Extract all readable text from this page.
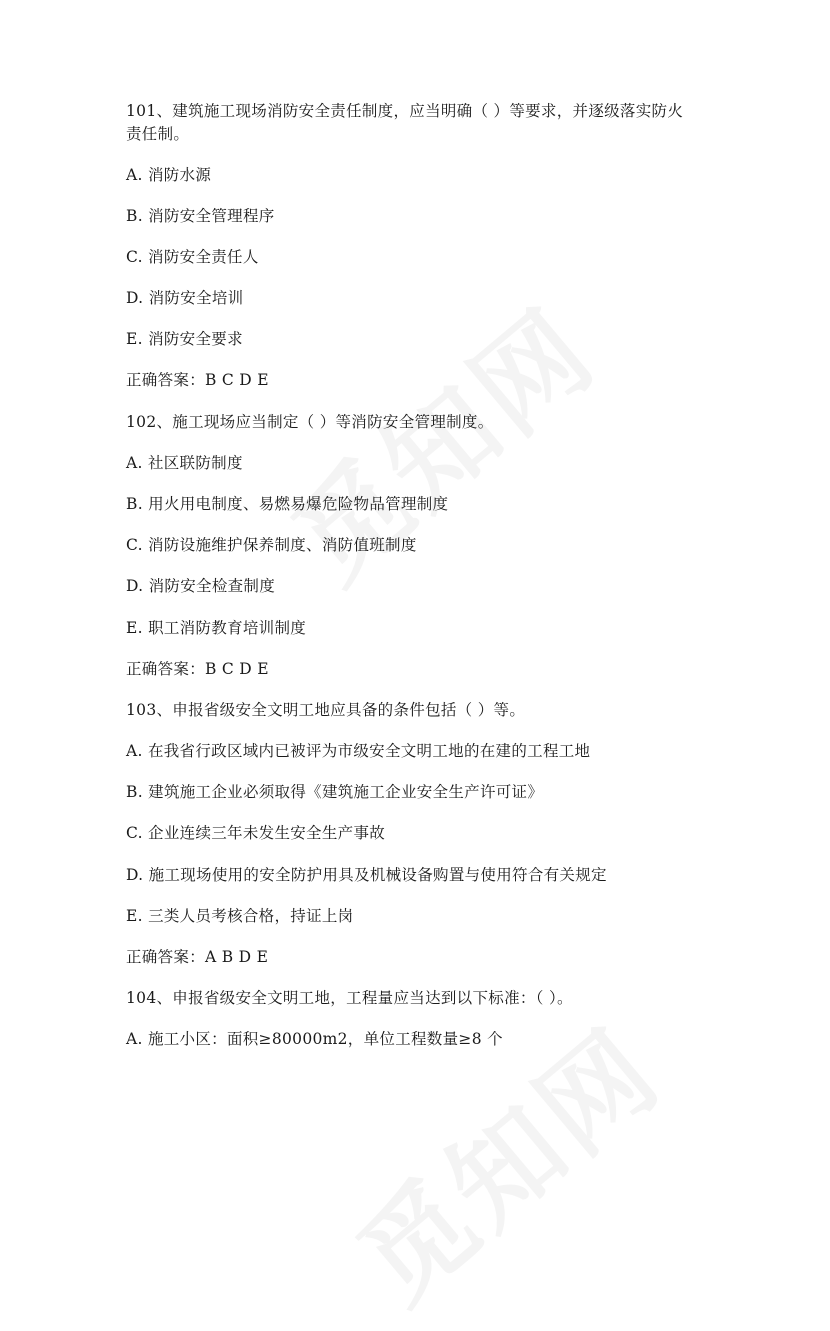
101、建筑施工现场消防安全责任制度，应当明确（ ）等要求，并逐级落实防火
责任制。
A. 消防水源
B. 消防安全管理程序
C. 消防安全责任人
D. 消防安全培训
E. 消防安全要求
正确答案：B C D E
102、施工现场应当制定（ ）等消防安全管理制度。
A. 社区联防制度
B. 用火用电制度、易燃易爆危险物品管理制度
C. 消防设施维护保养制度、消防值班制度
D. 消防安全检查制度
E. 职工消防教育培训制度
正确答案：B C D E
103、申报省级安全文明工地应具备的条件包括（ ）等。
A. 在我省行政区域内已被评为市级安全文明工地的在建的工程工地
B. 建筑施工企业必须取得《建筑施工企业安全生产许可证》
C. 企业连续三年未发生安全生产事故
D. 施工现场使用的安全防护用具及机械设备购置与使用符合有关规定
E. 三类人员考核合格，持证上岗
正确答案：A B D E
104、申报省级安全文明工地，工程量应当达到以下标准：（ ）。
A. 施工小区：面积≥80000m2，单位工程数量≥8 个
